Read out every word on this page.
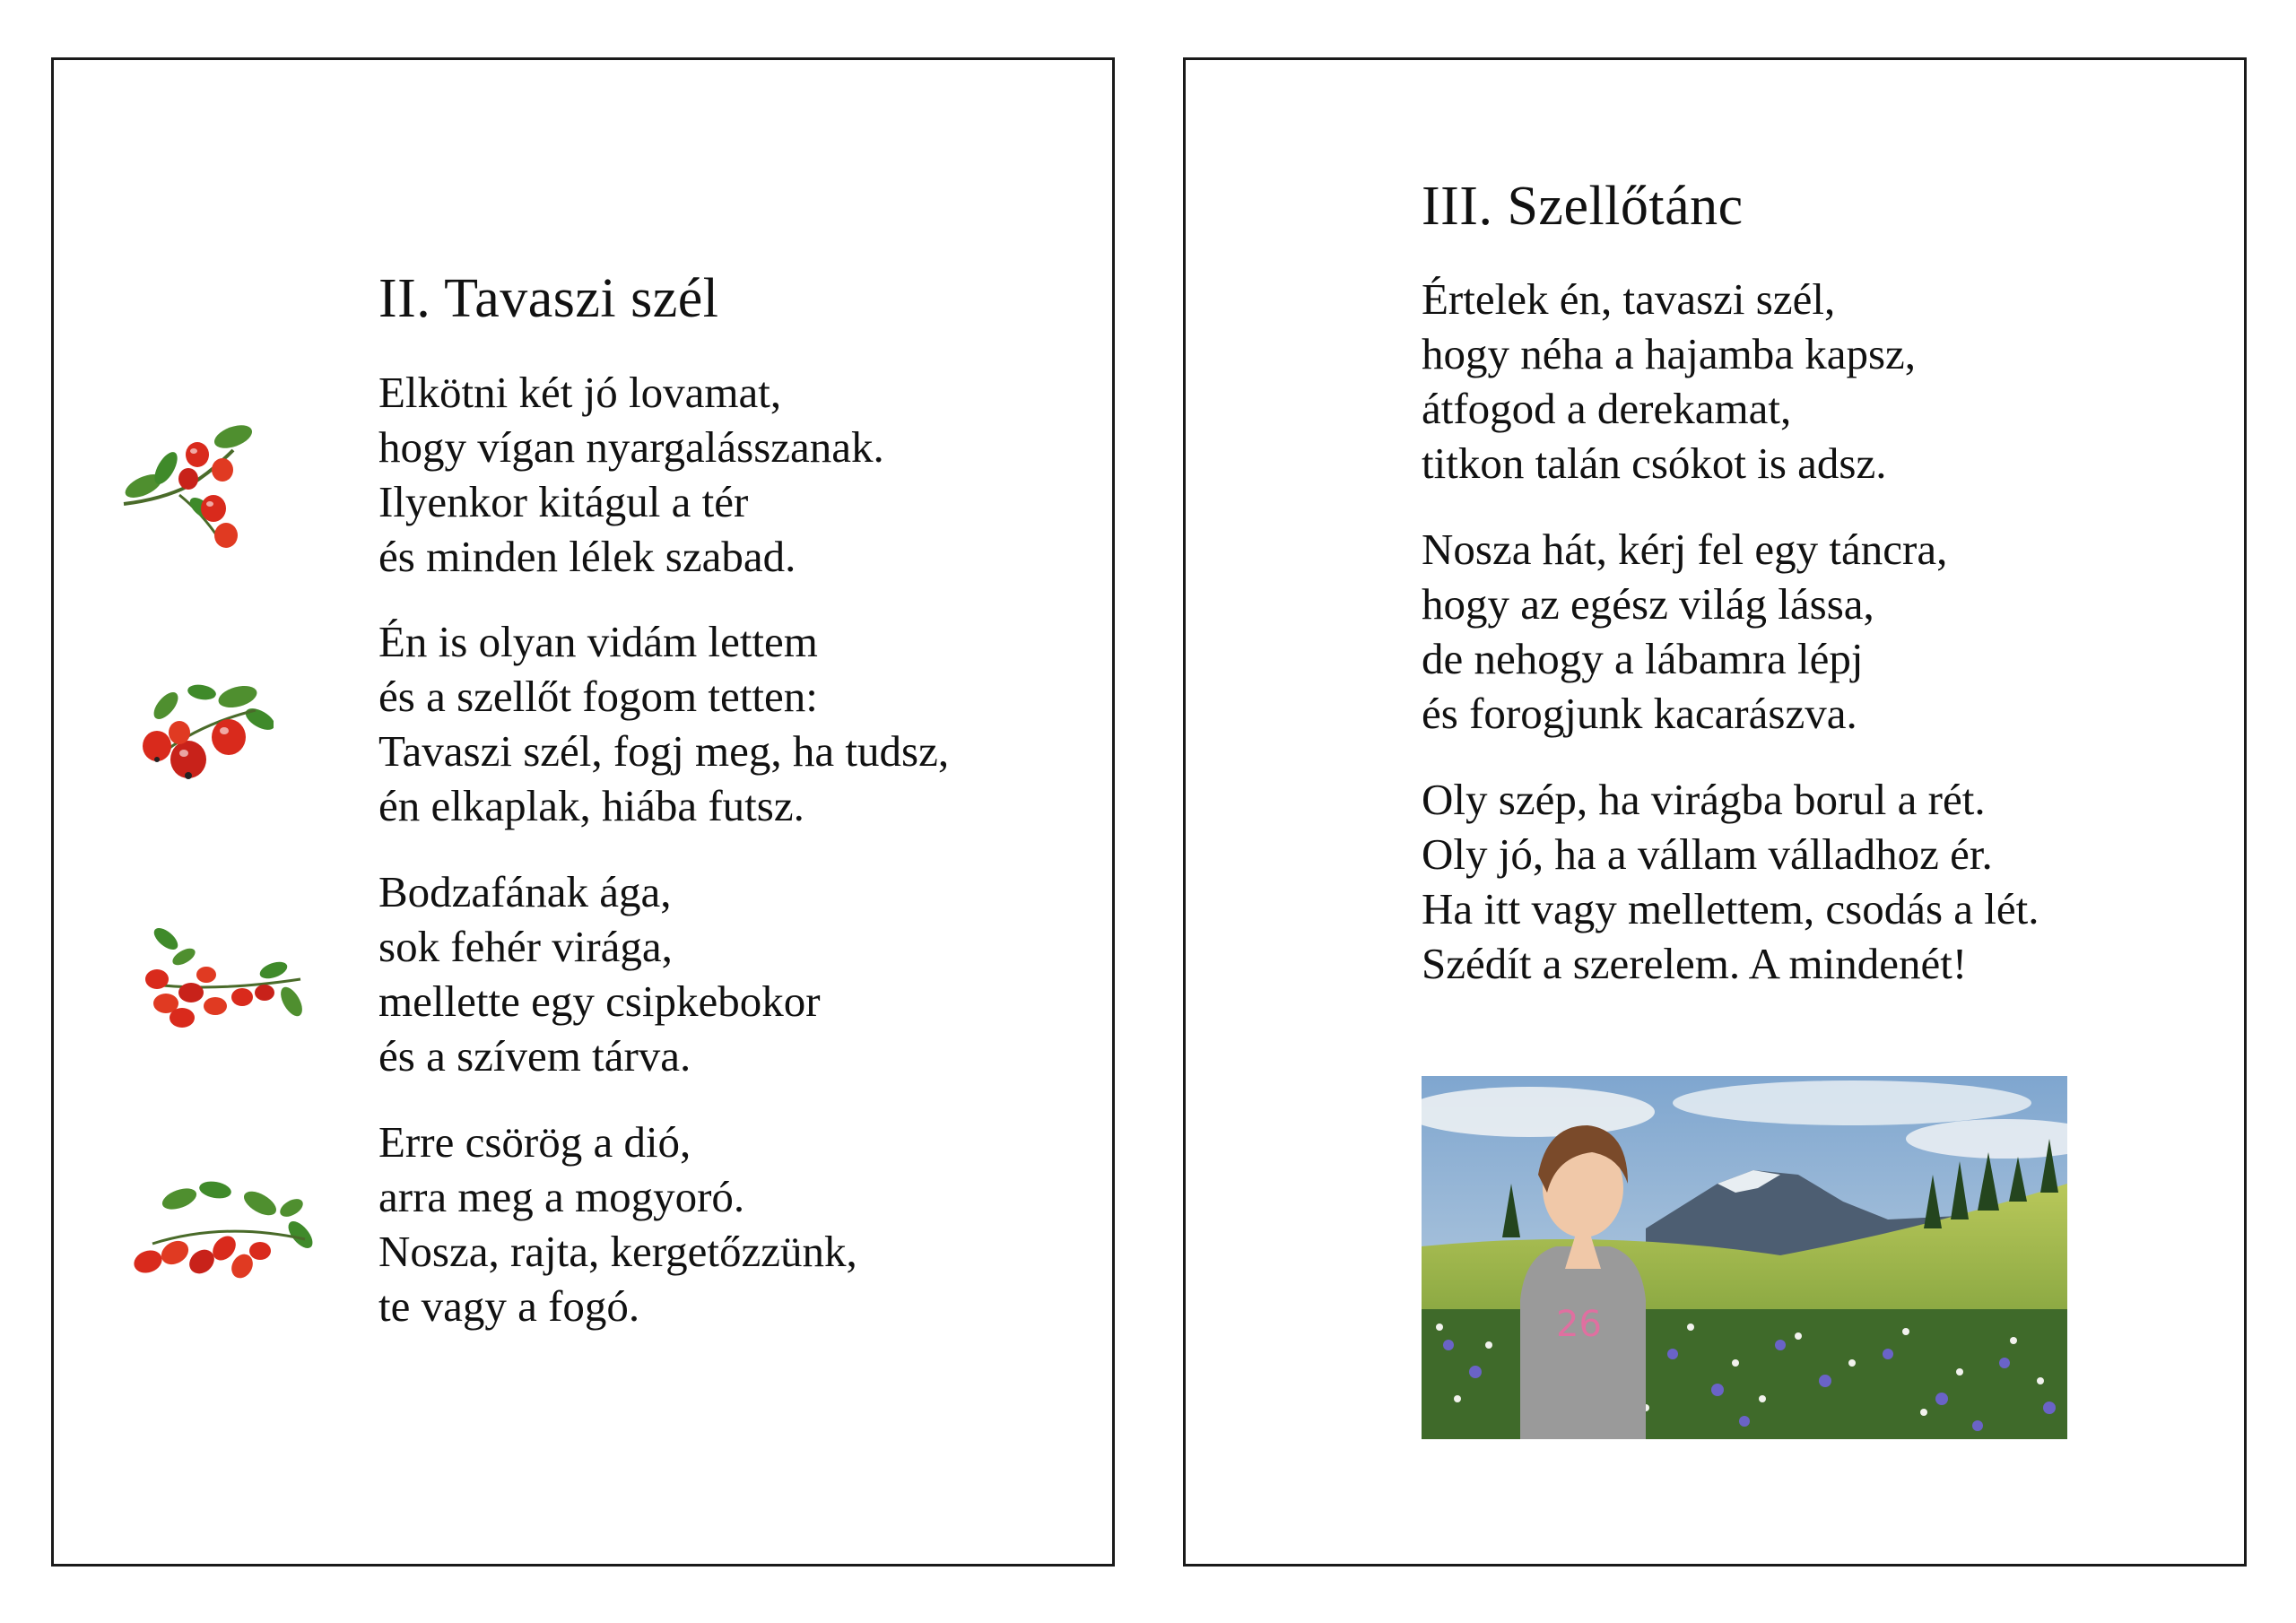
II. Tavaszi szél
Elkötni két jó lovamat,
hogy vígan nyargalásszanak.
Ilyenkor kitágul a tér
és minden lélek szabad.
Én is olyan vidám lettem
és a szellőt fogom tetten:
Tavaszi szél, fogj meg, ha tudsz,
én elkaplak, hiába futsz.
Bodzafának ága,
sok fehér virága,
mellette egy csipkebokor
és a szívem tárva.
Erre csörög a dió,
arra meg a mogyoró.
Nosza, rajta, kergetőzzünk,
te vagy a fogó.
III. Szellőtánc
Értelek én, tavaszi szél,
hogy néha a hajamba kapsz,
átfogod a derekamat,
titkon talán csókot is adsz.
Nosza hát, kérj fel egy táncra,
hogy az egész világ lássa,
de nehogy a lábamra lépj
és forogjunk kacarászva.
Oly szép, ha virágba borul a rét.
Oly jó, ha a vállam válladhoz ér.
Ha itt vagy mellettem, csodás a lét.
Szédít a szerelem. A mindenét!
26
